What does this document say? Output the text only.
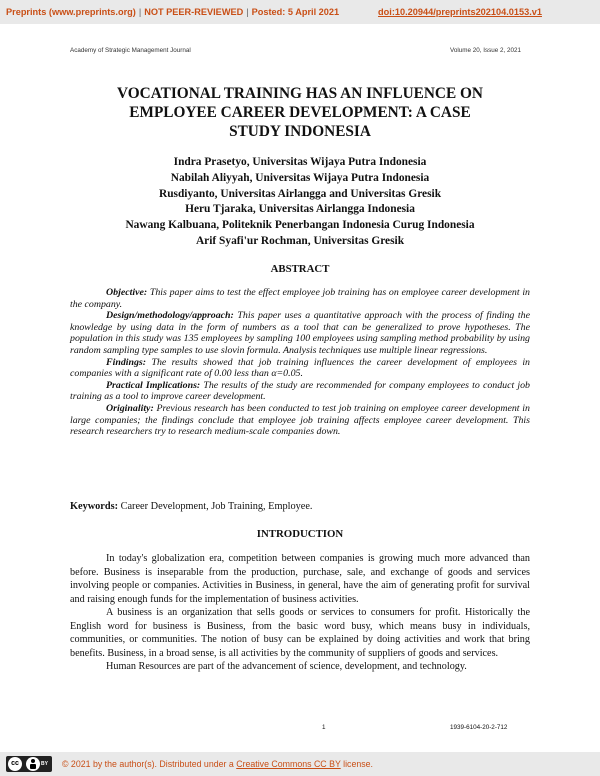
Preprints (www.preprints.org) | NOT PEER-REVIEWED | Posted: 5 April 2021	doi:10.20944/preprints202104.0153.v1
Academy of Strategic Management Journal	Volume 20, Issue 2, 2021
VOCATIONAL TRAINING HAS AN INFLUENCE ON
EMPLOYEE CAREER DEVELOPMENT: A CASE
STUDY INDONESIA
Indra Prasetyo, Universitas Wijaya Putra Indonesia
Nabilah Aliyyah, Universitas Wijaya Putra Indonesia
Rusdiyanto, Universitas Airlangga and Universitas Gresik
Heru Tjaraka, Universitas Airlangga Indonesia
Nawang Kalbuana, Politeknik Penerbangan Indonesia Curug Indonesia
Arif Syafi'ur Rochman, Universitas Gresik
ABSTRACT

Objective: This paper aims to test the effect employee job training has on employee career development in the company.

Design/methodology/approach: This paper uses a quantitative approach with the process of finding the knowledge by using data in the form of numbers as a tool that can be generalized to prove hypotheses. The population in this study was 135 employees by sampling 100 employees using sampling method probability by using random sampling type samples to use slovin formula. Analysis techniques use multiple linear regressions.

Findings: The results showed that job training influences the career development of employees in companies with a significant rate of 0.00 less than α=0.05.

Practical Implications: The results of the study are recommended for company employees to conduct job training as a tool to improve career development.

Originality: Previous research has been conducted to test job training on employee career development in large companies; the findings conclude that employee job training affects employee career development. This research researchers try to research medium-scale companies down.

Keywords: Career Development, Job Training, Employee.
INTRODUCTION

In today's globalization era, competition between companies is growing much more advanced than before. Business is inseparable from the production, purchase, sale, and exchange of goods and services involving people or companies. Activities in Business, in general, have the aim of generating profit for survival and raising enough funds for the implementation of business activities.

A business is an organization that sells goods or services to consumers for profit. Historically the English word for business is Business, from the basic word busy, which means busy in individuals, communities, or communities. The notion of busy can be explained by doing activities and work that bring benefits. Business, in a broad sense, is all activities by the community of suppliers of goods and services.

Human Resources are part of the advancement of science, development, and technology.

1	1939-6104-20-2-712
cc	BY © 2021 by the author(s). Distributed under a Creative Commons CC BY license.
